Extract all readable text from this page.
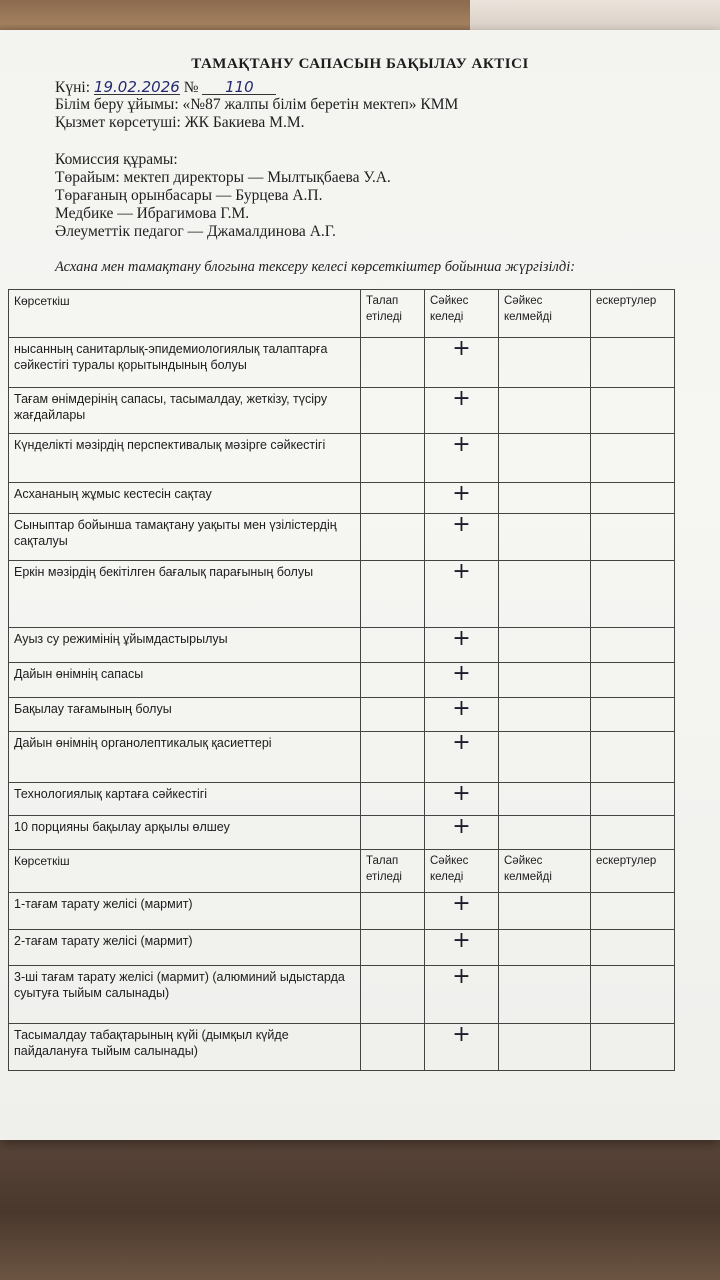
ТАМАҚТАНУ САПАСЫН БАҚЫЛАУ АКТІСІ
Күні: 19.02.2026 № 110
Білім беру ұйымы: «№87 жалпы білім беретін мектеп» КММ
Қызмет көрсетуші: ЖК Бакиева М.М.
Комиссия құрамы:
Төрайым: мектеп директоры — Мылтықбаева У.А.
Төрағаның орынбасары — Бурцева А.П.
Медбике — Ибрагимова Г.М.
Әлеуметтік педагог — Джамалдинова А.Г.
Асхана мен тамақтану блогына тексеру келесі көрсеткіштер бойынша жүргізілді:
Көрсеткіш	Талап етіледі	Сәйкес келеді	Сәйкес келмейді	ескертулер
нысанның санитарлық-эпидемиологиялық талаптарға сәйкестігі туралы қорытындының болуы		+		
Тағам өнімдерінің сапасы, тасымалдау, жеткізу, түсіру жағдайлары		+		
Күнделікті мәзірдің перспективалық мәзірге сәйкестігі		+		
Асхананың жұмыс кестесін сақтау		+		
Сыныптар бойынша тамақтану уақыты мен үзілістердің сақталуы		+		
Еркін мәзірдің бекітілген бағалық парағының болуы		+		
Ауыз су режимінің ұйымдастырылуы		+		
Дайын өнімнің сапасы		+		
Бақылау тағамының болуы		+		
Дайын өнімнің органолептикалық қасиеттері		+		
Технологиялық картаға сәйкестігі		+		
10 порцияны бақылау арқылы өлшеу		+		
Көрсеткіш	Талап етіледі	Сәйкес келеді	Сәйкес келмейді	ескертулер
1-тағам тарату желісі (мармит)		+		
2-тағам тарату желісі (мармит)		+		
3-ші тағам тарату желісі (мармит) (алюминий ыдыстарда суытуға тыйым салынады)		+		
Тасымалдау табақтарының күйі (дымқыл күйде пайдалануға тыйым салынады)		+		
